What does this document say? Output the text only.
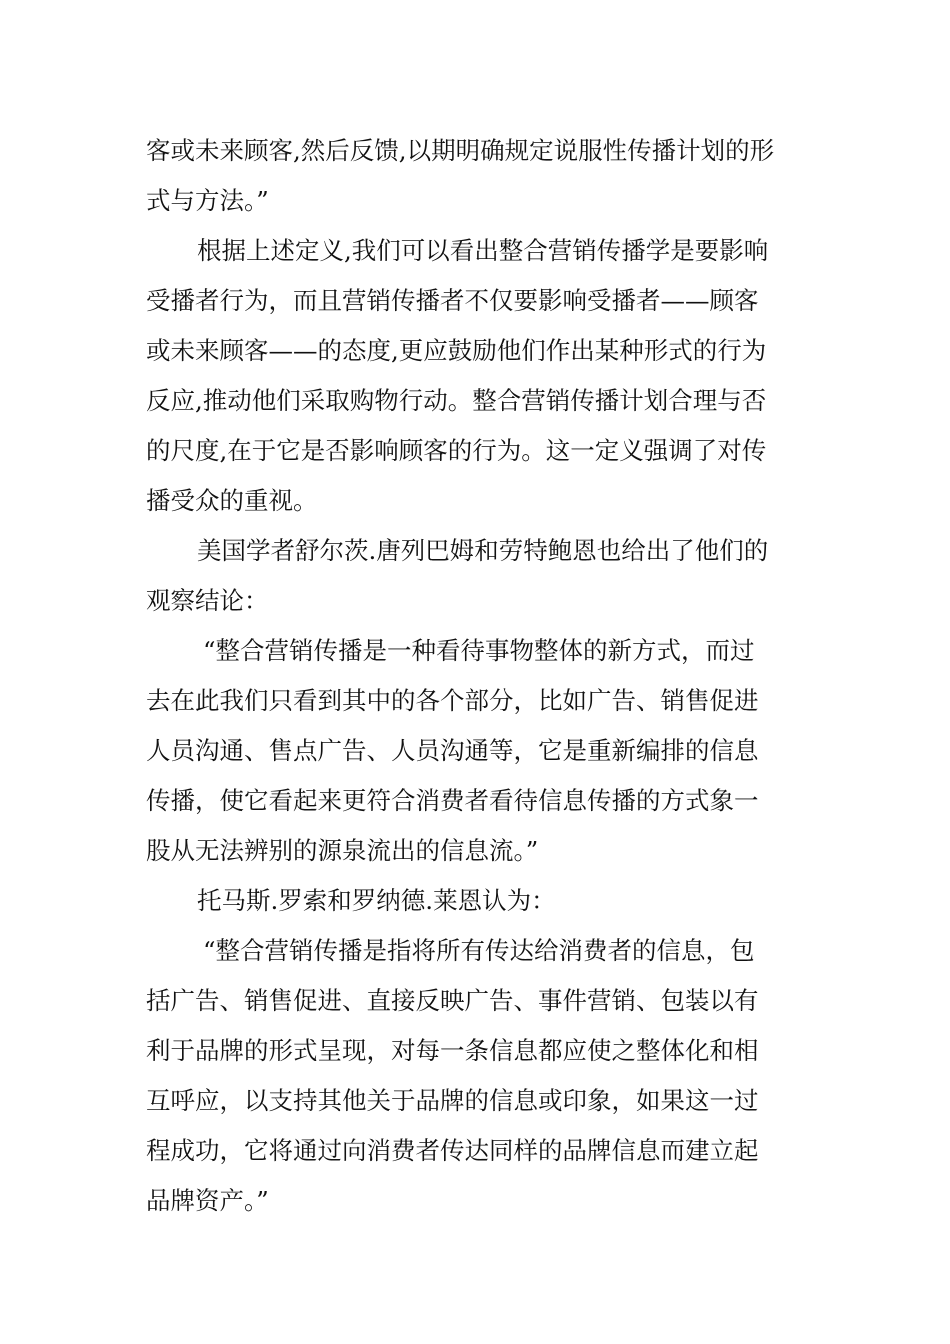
客或未来顾客,然后反馈,以期明确规定说服性传播计划的形
式与方法。”
根据上述定义,我们可以看出整合营销传播学是要影响
受播者行为，而且营销传播者不仅要影响受播者——顾客
或未来顾客——的态度,更应鼓励他们作出某种形式的行为
反应,推动他们采取购物行动。整合营销传播计划合理与否
的尺度,在于它是否影响顾客的行为。这一定义强调了对传
播受众的重视。
美国学者舒尔茨.唐列巴姆和劳特鲍恩也给出了他们的
观察结论：
“整合营销传播是一种看待事物整体的新方式，而过
去在此我们只看到其中的各个部分，比如广告、销售促进
人员沟通、售点广告、人员沟通等，它是重新编排的信息
传播，使它看起来更符合消费者看待信息传播的方式象一
股从无法辨别的源泉流出的信息流。”
托马斯.罗索和罗纳德.莱恩认为：
“整合营销传播是指将所有传达给消费者的信息，包
括广告、销售促进、直接反映广告、事件营销、包装以有
利于品牌的形式呈现，对每一条信息都应使之整体化和相
互呼应，以支持其他关于品牌的信息或印象，如果这一过
程成功，它将通过向消费者传达同样的品牌信息而建立起
品牌资产。”
